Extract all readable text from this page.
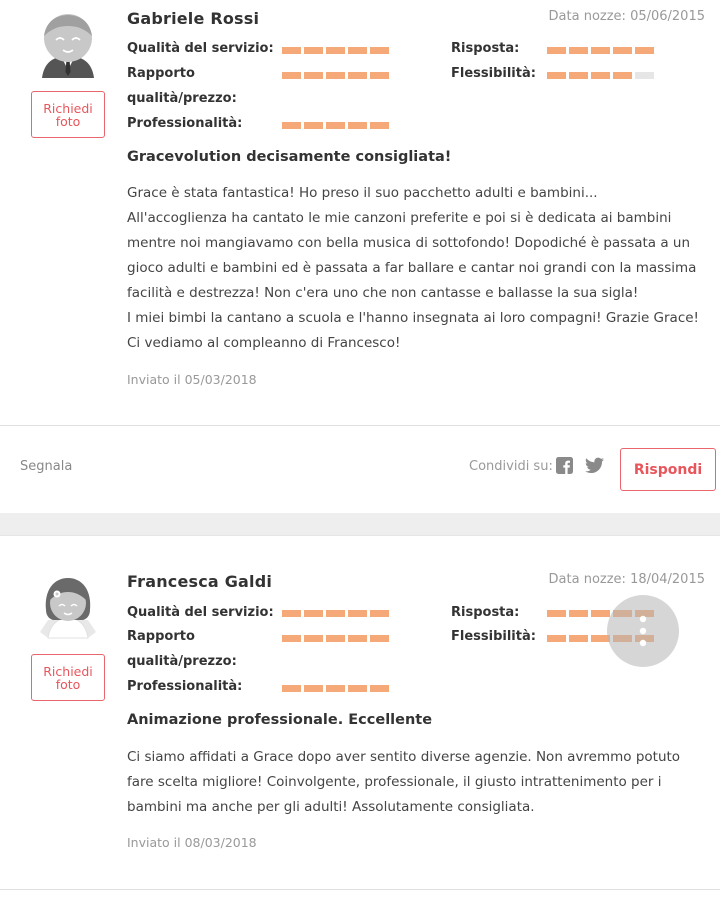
Richiedi foto
Gabriele Rossi	Data nozze: 05/06/2015
Qualità del servizio:
Rapporto
qualità/prezzo:
Professionalità:
Risposta:
Flessibilità:
Gracevolution decisamente consigliata!

Grace è stata fantastica! Ho preso il suo pacchetto adulti e bambini... All'accoglienza ha cantato le mie canzoni preferite e poi si è dedicata ai bambini mentre noi mangiavamo con bella musica di sottofondo! Dopodiché è passata a un gioco adulti e bambini ed è passata a far ballare e cantar noi grandi con la massima facilità e destrezza! Non c'era uno che non cantasse e ballasse la sua sigla!

I miei bimbi la cantano a scuola e l'hanno insegnata ai loro compagni! Grazie Grace! Ci vediamo al compleanno di Francesco!

Inviato il 05/03/2018
Segnala	Condividi su:	Rispondi
Richiedi foto
Francesca Galdi	Data nozze: 18/04/2015
Qualità del servizio:
Rapporto
qualità/prezzo:
Professionalità:
Risposta:
Flessibilità:
Animazione professionale. Eccellente

Ci siamo affidati a Grace dopo aver sentito diverse agenzie. Non avremmo potuto fare scelta migliore! Coinvolgente, professionale, il giusto intrattenimento per i bambini ma anche per gli adulti! Assolutamente consigliata.

Inviato il 08/03/2018
